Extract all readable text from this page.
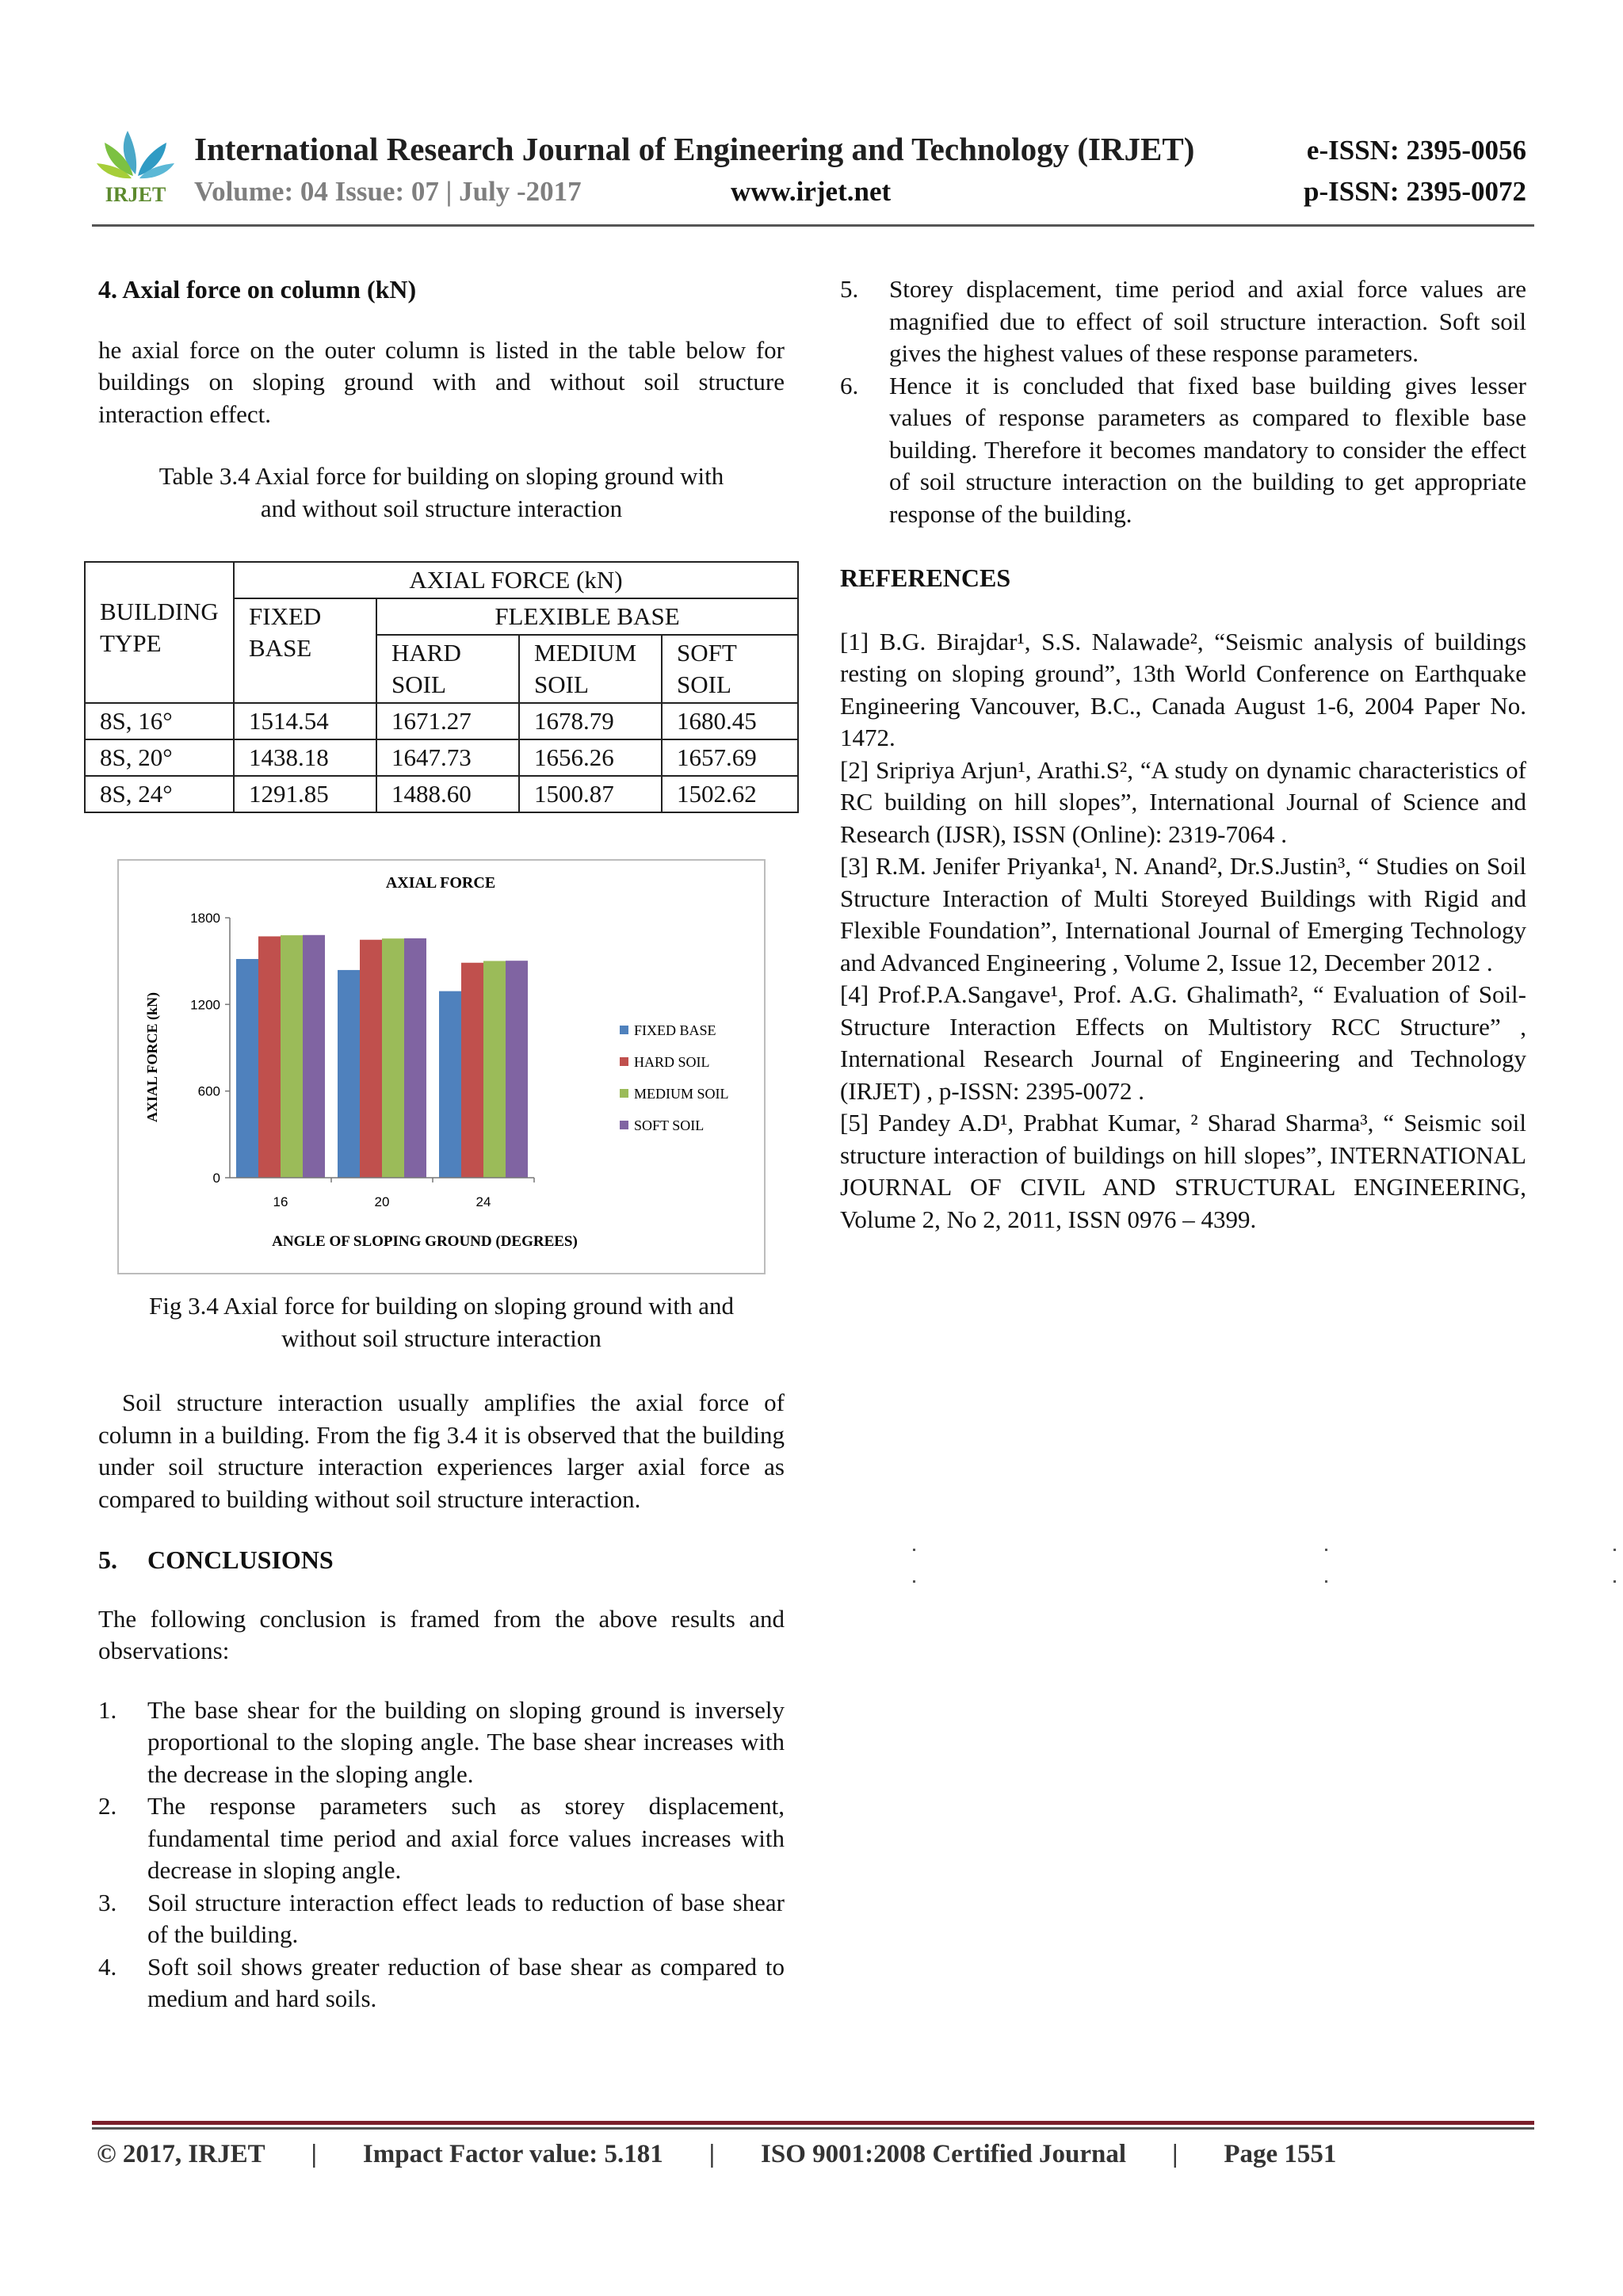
IRJET
International Research Journal of Engineering and Technology (IRJET)	e-ISSN: 2395-0056
Volume: 04 Issue: 07 | July -2017	www.irjet.net	p-ISSN: 2395-0072
4. Axial force on column (kN)

he axial force on the outer column is listed in the table below for buildings on sloping ground with and without soil structure interaction effect.

Table 3.4 Axial force for building on sloping ground with
and without soil structure interaction
BUILDING TYPE	AXIAL FORCE (kN)			
	FIXED BASE	FLEXIBLE BASE		
		HARD SOIL	MEDIUM SOIL	SOFT SOIL
8S, 16°	1514.54	1671.27	1678.79	1680.45
8S, 20°	1438.18	1647.73	1656.26	1657.69
8S, 24°	1291.85	1488.60	1500.87	1502.62
0
600
1200
1800
16	20	24
AXIAL FORCE
ANGLE OF SLOPING GROUND (DEGREES)
AXIAL FORCE (kN)	FIXED BASE
HARD SOIL
MEDIUM SOIL
SOFT SOIL
Fig 3.4 Axial force for building on sloping ground with and
without soil structure interaction

Soil structure interaction usually amplifies the axial force of column in a building. From the fig 3.4 it is observed that the building under soil structure interaction experiences larger axial force as compared to building without soil structure interaction.

5. CONCLUSIONS

The following conclusion is framed from the above results and observations:

1. The base shear for the building on sloping ground is inversely proportional to the sloping angle. The base shear increases with the decrease in the sloping angle.
2. The response parameters such as storey displacement, fundamental time period and axial force values increases with decrease in sloping angle.
3. Soil structure interaction effect leads to reduction of base shear of the building.
4. Soft soil shows greater reduction of base shear as compared to medium and hard soils.
5. Storey displacement, time period and axial force values are magnified due to effect of soil structure interaction. Soft soil gives the highest values of these response parameters.
6. Hence it is concluded that fixed base building gives lesser values of response parameters as compared to flexible base building. Therefore it becomes mandatory to consider the effect of soil structure interaction on the building to get appropriate response of the building.
REFERENCES

[1] B.G. Birajdar¹, S.S. Nalawade², “Seismic analysis of buildings resting on sloping ground”, 13th World Conference on Earthquake Engineering Vancouver, B.C., Canada August 1-6, 2004 Paper No. 1472.

[2] Sripriya Arjun¹, Arathi.S², “A study on dynamic characteristics of RC building on hill slopes”, International Journal of Science and Research (IJSR), ISSN (Online): 2319-7064 .

[3] R.M. Jenifer Priyanka¹, N. Anand², Dr.S.Justin³, “ Studies on Soil Structure Interaction of Multi Storeyed Buildings with Rigid and Flexible Foundation”, International Journal of Emerging Technology and Advanced Engineering , Volume 2, Issue 12, December 2012 .

[4] Prof.P.A.Sangave¹, Prof. A.G. Ghalimath², “ Evaluation of Soil-Structure Interaction Effects on Multistory RCC Structure” , International Research Journal of Engineering and Technology (IRJET) , p-ISSN: 2395-0072 .

[5] Pandey A.D¹, Prabhat Kumar, ² Sharad Sharma³, “ Seismic soil structure interaction of buildings on hill slopes”, INTERNATIONAL JOURNAL OF CIVIL AND STRUCTURAL ENGINEERING, Volume 2, No 2, 2011, ISSN 0976 – 4399.

© 2017, IRJET | Impact Factor value: 5.181 | ISO 9001:2008 Certified Journal | Page 1551
